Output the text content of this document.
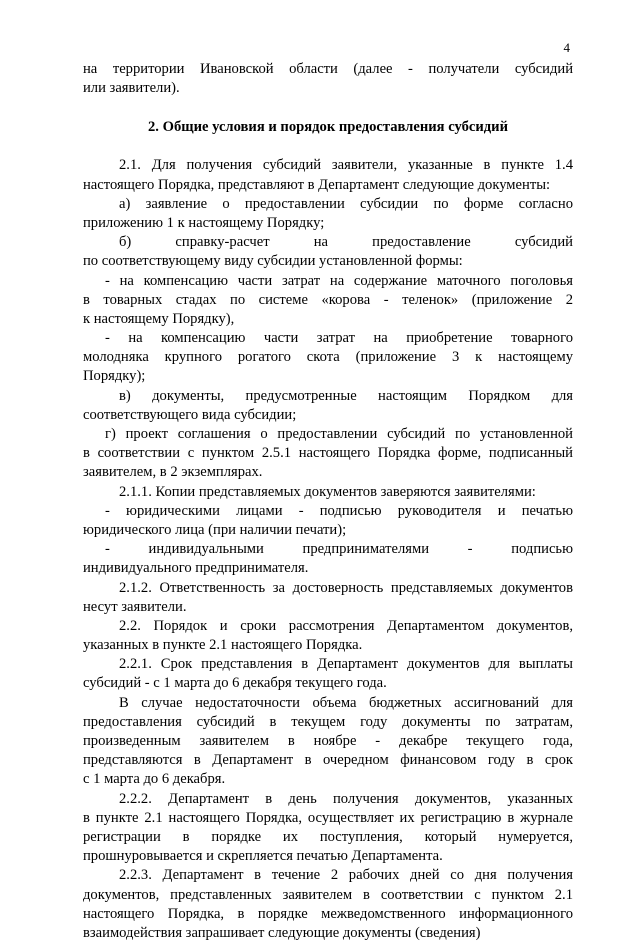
4
на территории Ивановской области (далее - получатели субсидий
или заявители).
2. Общие условия и порядок предоставления субсидий
2.1. Для получения субсидий заявители, указанные в пункте 1.4
настоящего Порядка, представляют в Департамент следующие документы:
а) заявление о предоставлении субсидии по форме согласно
приложению 1 к настоящему Порядку;
б) справку-расчет на предоставление субсидий
по соответствующему виду субсидии установленной формы:
- на компенсацию части затрат на содержание маточного поголовья
в товарных стадах по системе «корова - теленок» (приложение 2
к настоящему Порядку),
- на компенсацию части затрат на приобретение товарного
молодняка крупного рогатого скота (приложение 3 к настоящему
Порядку);
в) документы, предусмотренные настоящим Порядком для
соответствующего вида субсидии;
г) проект соглашения о предоставлении субсидий по установленной
в соответствии с пунктом 2.5.1 настоящего Порядка форме, подписанный
заявителем, в 2 экземплярах.
2.1.1. Копии представляемых документов заверяются заявителями:
- юридическими лицами - подписью руководителя и печатью
юридического лица (при наличии печати);
- индивидуальными предпринимателями - подписью
индивидуального предпринимателя.
2.1.2. Ответственность за достоверность представляемых документов
несут заявители.
2.2. Порядок и сроки рассмотрения Департаментом документов,
указанных в пункте 2.1 настоящего Порядка.
2.2.1. Срок представления в Департамент документов для выплаты
субсидий - с 1 марта до 6 декабря текущего года.
В случае недостаточности объема бюджетных ассигнований для
предоставления субсидий в текущем году документы по затратам,
произведенным заявителем в ноябре - декабре текущего года,
представляются в Департамент в очередном финансовом году в срок
с 1 марта до 6 декабря.
2.2.2. Департамент в день получения документов, указанных
в пункте 2.1 настоящего Порядка, осуществляет их регистрацию в журнале
регистрации в порядке их поступления, который нумеруется,
прошнуровывается и скрепляется печатью Департамента.
2.2.3. Департамент в течение 2 рабочих дней со дня получения
документов, представленных заявителем в соответствии с пунктом 2.1
настоящего Порядка, в порядке межведомственного информационного
взаимодействия запрашивает следующие документы (сведения)
